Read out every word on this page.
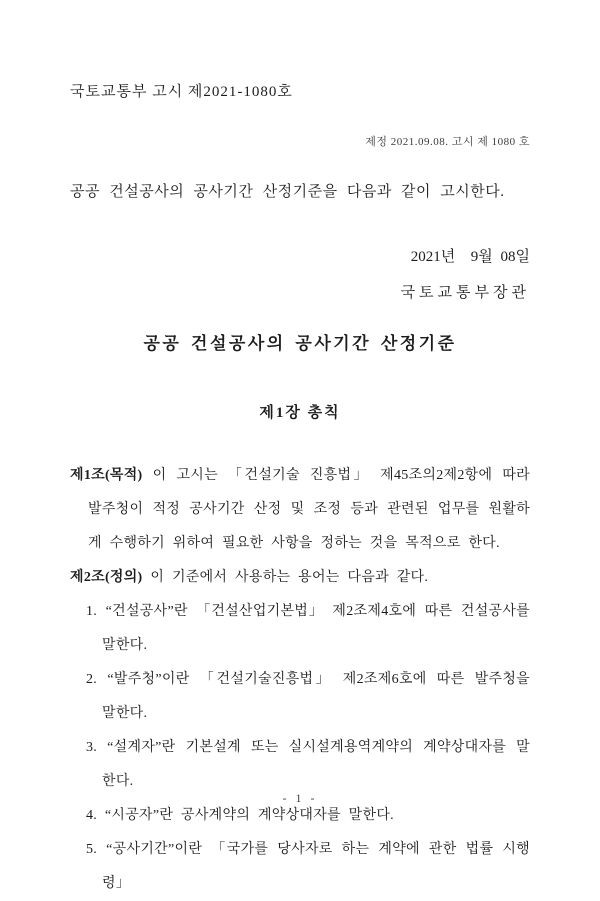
국토교통부 고시 제2021-1080호
제정 2021.09.08. 고시 제 1080 호
공공 건설공사의 공사기간 산정기준을 다음과 같이 고시한다.
2021년  9월 08일
국토교통부장관
공공 건설공사의 공사기간 산정기준
제1장 총칙

제1조(목적) 이 고시는 「건설기술 진흥법」 제45조의2제2항에 따라 발주청이 적정 공사기간 산정 및 조정 등과 관련된 업무를 원활하게 수행하기 위하여 필요한 사항을 정하는 것을 목적으로 한다.

제2조(정의) 이 기준에서 사용하는 용어는 다음과 같다.

1. “건설공사”란 「건설산업기본법」 제2조제4호에 따른 건설공사를 말한다.

2. “발주청”이란 「건설기술진흥법」 제2조제6호에 따른 발주청을 말한다.

3. “설계자”란 기본설계 또는 실시설계용역계약의 계약상대자를 말한다.

4. “시공자”란 공사계약의 계약상대자를 말한다.

5. “공사기간”이란 「국가를 당사자로 하는 계약에 관한 법률 시행령」

- 1 -
